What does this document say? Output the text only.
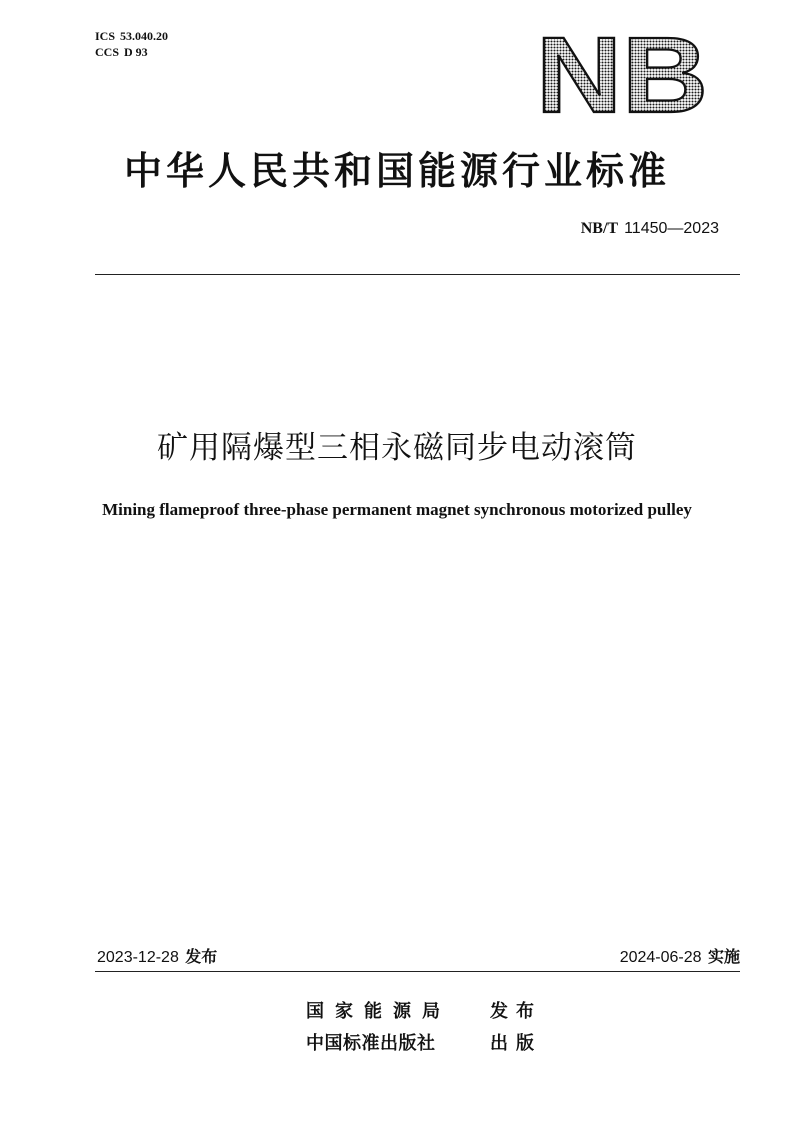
ICS 53.040.20
CCS D 93	NB
中华人民共和国能源行业标准
NB/T 11450—2023
矿用隔爆型三相永磁同步电动滚筒
Mining flameproof three-phase permanent magnet synchronous motorized pulley
2023-12-28 发布	2024-06-28 实施
国家能源局 发布
中国标准出版社	出版
